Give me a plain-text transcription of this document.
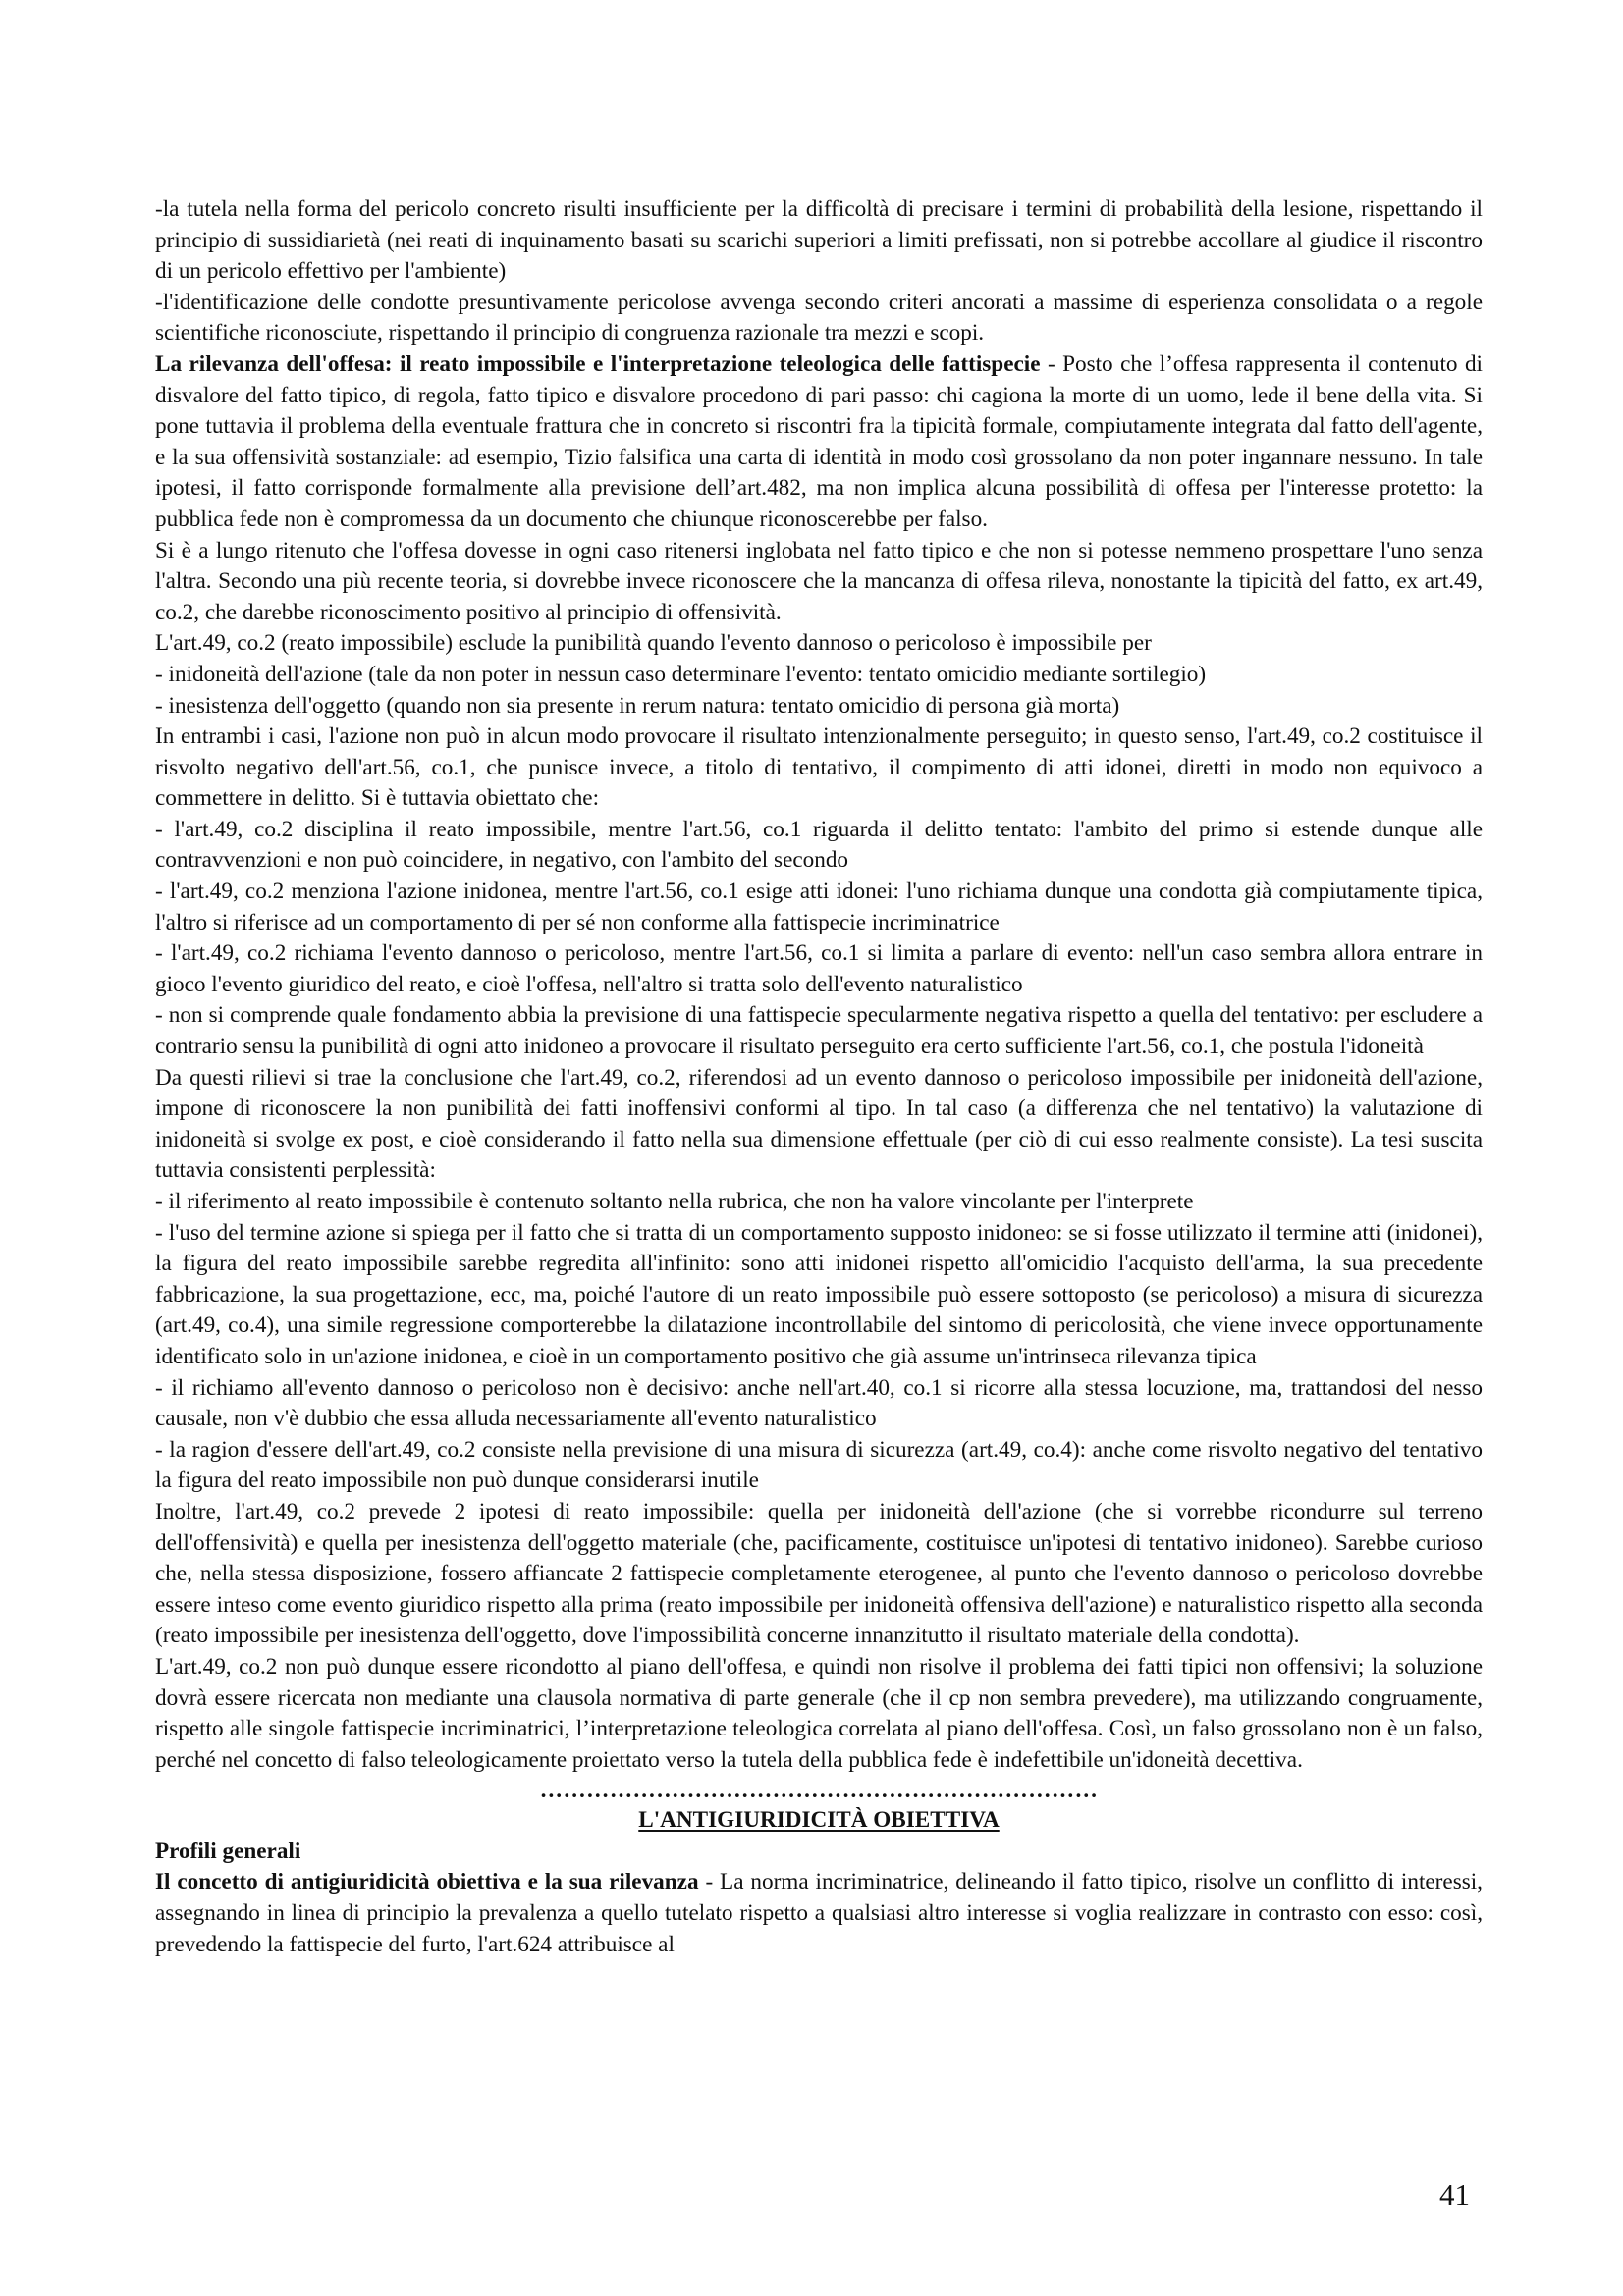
-la tutela nella forma del pericolo concreto risulti insufficiente per la difficoltà di precisare i termini di probabilità della lesione, rispettando il principio di sussidiarietà (nei reati di inquinamento basati su scarichi superiori a limiti prefissati, non si potrebbe accollare al giudice il riscontro di un pericolo effettivo per l'ambiente)

-l'identificazione delle condotte presuntivamente pericolose avvenga secondo criteri ancorati a massime di esperienza consolidata o a regole scientifiche riconosciute, rispettando il principio di congruenza razionale tra mezzi e scopi.

La rilevanza dell'offesa: il reato impossibile e l'interpretazione teleologica delle fattispecie - Posto che l’offesa rappresenta il contenuto di disvalore del fatto tipico, di regola, fatto tipico e disvalore procedono di pari passo: chi cagiona la morte di un uomo, lede il bene della vita. Si pone tuttavia il problema della eventuale frattura che in concreto si riscontri fra la tipicità formale, compiutamente integrata dal fatto dell'agente, e la sua offensività sostanziale: ad esempio, Tizio falsifica una carta di identità in modo così grossolano da non poter ingannare nessuno. In tale ipotesi, il fatto corrisponde formalmente alla previsione dell’art.482, ma non implica alcuna possibilità di offesa per l'interesse protetto: la pubblica fede non è compromessa da un documento che chiunque riconoscerebbe per falso.

Si è a lungo ritenuto che l'offesa dovesse in ogni caso ritenersi inglobata nel fatto tipico e che non si potesse nemmeno prospettare l'uno senza l'altra. Secondo una più recente teoria, si dovrebbe invece riconoscere che la mancanza di offesa rileva, nonostante la tipicità del fatto, ex art.49, co.2, che darebbe riconoscimento positivo al principio di offensività.

L'art.49, co.2 (reato impossibile) esclude la punibilità quando l'evento dannoso o pericoloso è impossibile per

- inidoneità dell'azione (tale da non poter in nessun caso determinare l'evento: tentato omicidio mediante sortilegio)

- inesistenza dell'oggetto (quando non sia presente in rerum natura: tentato omicidio di persona già morta)

In entrambi i casi, l'azione non può in alcun modo provocare il risultato intenzionalmente perseguito; in questo senso, l'art.49, co.2 costituisce il risvolto negativo dell'art.56, co.1, che punisce invece, a titolo di tentativo, il compimento di atti idonei, diretti in modo non equivoco a commettere in delitto. Si è tuttavia obiettato che:

- l'art.49, co.2 disciplina il reato impossibile, mentre l'art.56, co.1 riguarda il delitto tentato: l'ambito del primo si estende dunque alle contravvenzioni e non può coincidere, in negativo, con l'ambito del secondo

- l'art.49, co.2 menziona l'azione inidonea, mentre l'art.56, co.1 esige atti idonei: l'uno richiama dunque una condotta già compiutamente tipica, l'altro si riferisce ad un comportamento di per sé non conforme alla fattispecie incriminatrice

- l'art.49, co.2 richiama l'evento dannoso o pericoloso, mentre l'art.56, co.1 si limita a parlare di evento: nell'un caso sembra allora entrare in gioco l'evento giuridico del reato, e cioè l'offesa, nell'altro si tratta solo dell'evento naturalistico

- non si comprende quale fondamento abbia la previsione di una fattispecie specularmente negativa rispetto a quella del tentativo: per escludere a contrario sensu la punibilità di ogni atto inidoneo a provocare il risultato perseguito era certo sufficiente l'art.56, co.1, che postula l'idoneità

Da questi rilievi si trae la conclusione che l'art.49, co.2, riferendosi ad un evento dannoso o pericoloso impossibile per inidoneità dell'azione, impone di riconoscere la non punibilità dei fatti inoffensivi conformi al tipo. In tal caso (a differenza che nel tentativo) la valutazione di inidoneità si svolge ex post, e cioè considerando il fatto nella sua dimensione effettuale (per ciò di cui esso realmente consiste). La tesi suscita tuttavia consistenti perplessità:

- il riferimento al reato impossibile è contenuto soltanto nella rubrica, che non ha valore vincolante per l'interprete

- l'uso del termine azione si spiega per il fatto che si tratta di un comportamento supposto inidoneo: se si fosse utilizzato il termine atti (inidonei), la figura del reato impossibile sarebbe regredita all'infinito: sono atti inidonei rispetto all'omicidio l'acquisto dell'arma, la sua precedente fabbricazione, la sua progettazione, ecc, ma, poiché l'autore di un reato impossibile può essere sottoposto (se pericoloso) a misura di sicurezza (art.49, co.4), una simile regressione comporterebbe la dilatazione incontrollabile del sintomo di pericolosità, che viene invece opportunamente identificato solo in un'azione inidonea, e cioè in un comportamento positivo che già assume un'intrinseca rilevanza tipica

- il richiamo all'evento dannoso o pericoloso non è decisivo: anche nell'art.40, co.1 si ricorre alla stessa locuzione, ma, trattandosi del nesso causale, non v'è dubbio che essa alluda necessariamente all'evento naturalistico

- la ragion d'essere dell'art.49, co.2 consiste nella previsione di una misura di sicurezza (art.49, co.4): anche come risvolto negativo del tentativo la figura del reato impossibile non può dunque considerarsi inutile

Inoltre, l'art.49, co.2 prevede 2 ipotesi di reato impossibile: quella per inidoneità dell'azione (che si vorrebbe ricondurre sul terreno dell'offensività) e quella per inesistenza dell'oggetto materiale (che, pacificamente, costituisce un'ipotesi di tentativo inidoneo). Sarebbe curioso che, nella stessa disposizione, fossero affiancate 2 fattispecie completamente eterogenee, al punto che l'evento dannoso o pericoloso dovrebbe essere inteso come evento giuridico rispetto alla prima (reato impossibile per inidoneità offensiva dell'azione) e naturalistico rispetto alla seconda (reato impossibile per inesistenza dell'oggetto, dove l'impossibilità concerne innanzitutto il risultato materiale della condotta).

L'art.49, co.2 non può dunque essere ricondotto al piano dell'offesa, e quindi non risolve il problema dei fatti tipici non offensivi; la soluzione dovrà essere ricercata non mediante una clausola normativa di parte generale (che il cp non sembra prevedere), ma utilizzando congruamente, rispetto alle singole fattispecie incriminatrici, l’interpretazione teleologica correlata al piano dell'offesa. Così, un falso grossolano non è un falso, perché nel concetto di falso teleologicamente proiettato verso la tutela della pubblica fede è indefettibile un'idoneità decettiva.

………………………………………………………………

L'ANTIGIURIDICITÀ OBIETTIVA

Profili generali

Il concetto di antigiuridicità obiettiva e la sua rilevanza - La norma incriminatrice, delineando il fatto tipico, risolve un conflitto di interessi, assegnando in linea di principio la prevalenza a quello tutelato rispetto a qualsiasi altro interesse si voglia realizzare in contrasto con esso: così, prevedendo la fattispecie del furto, l'art.624 attribuisce al

41
